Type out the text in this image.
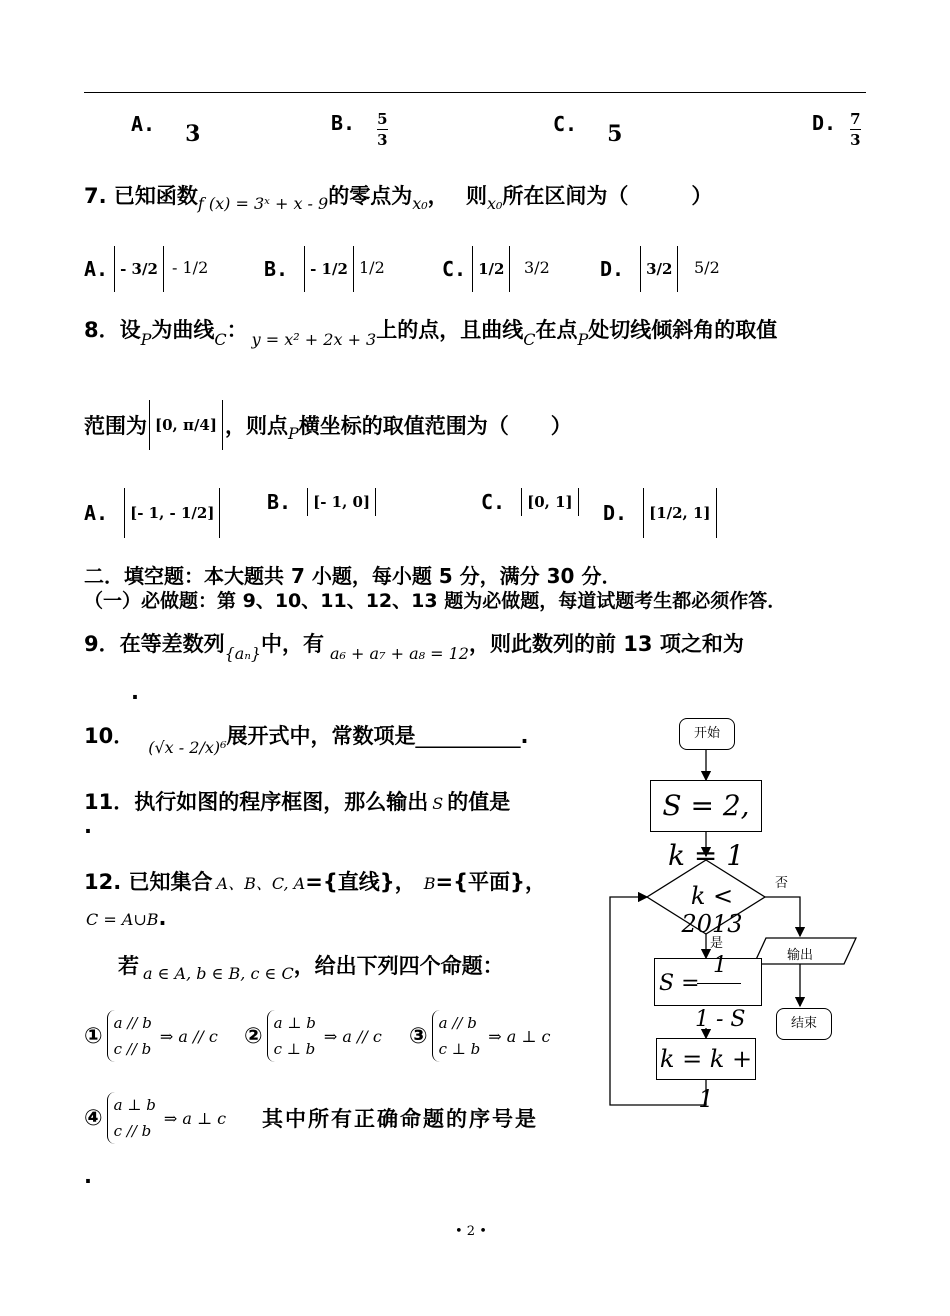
A. 3	B. $\frac{5}{3}$	C. 5	D. $\frac{7}{3}$
7. 已知函数$_{f (x) = 3ˣ + x - 9}$的零点为$_{x_0}$， 则$_{x_0}$所在区间为（　　　）
A. - 3/2 - 1/2	B.	- 1/2 1/2	C. 1/2	3/2	D.	3/2	5/2
8．设$_P$为曲线$_C$： $_{y = x^2 + 2x + 3}$上的点，且曲线$_C$在点$_P$处切线倾斜角的取值
范围为 [0, π/4] ，则点 P 横坐标的取值范围为（　　）
A.	[- 1, - 1/2]	B.	[- 1, 0]	C.	[0, 1]	D.	[1/2, 1]
二．填空题：本大题共 7 小题，每小题 5 分，满分 30 分．
（一）必做题：第 9、10、11、12、13 题为必做题，每道试题考生都必须作答．
9．在等差数列$_{\{a_n\}}$中，有 $_{a_6 + a_7 + a_8 = 12}$，则此数列的前 13 项之和为
.
10． $_{(√x - 2/x)^6}$展开式中，常数项是__________.
11．执行如图的程序框图，那么输出 S 的值是
.
12. 已知集合 A、B、C, A={直线}， B={平面}，
C = A∪B.
若 $_{a \in A, b \in B, c \in C}$，给出下列四个命题：
①
a // b
c // b
⇒ a // c ②
a ⊥ b
c ⊥ b
⇒ a // c ③
a // b
c ⊥ b
⇒ a ⊥ c
④
a ⊥ b
c // b
⇒ a ⊥ c 其中所有正确命题的序号是
.
开始
S = 2, k = 1
k < 2013
否
是
输出
结束
S =
1
1 - S
k = k + 1
• 2 •
